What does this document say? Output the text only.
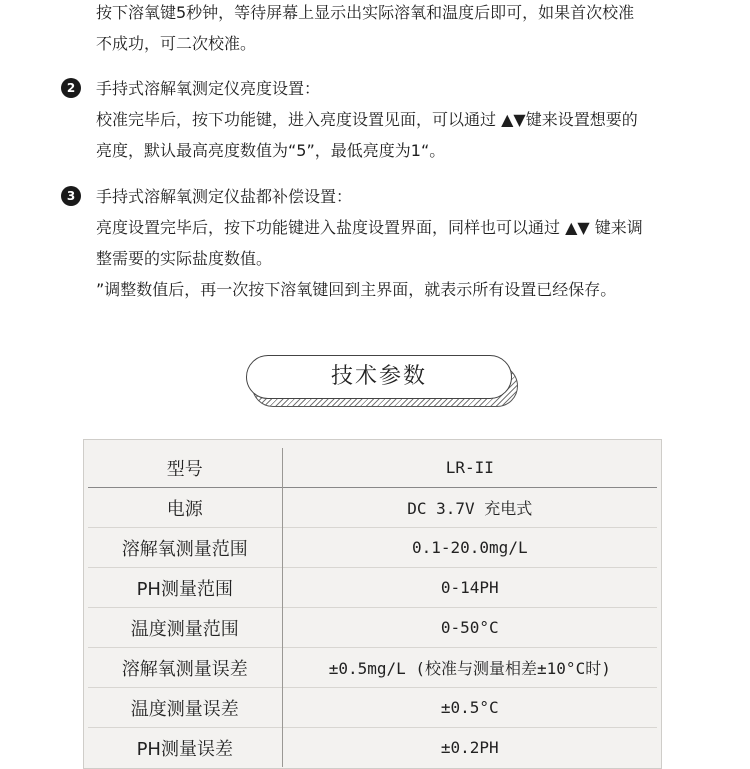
按下溶氧键5秒钟，等待屏幕上显示出实际溶氧和温度后即可，如果首次校准
不成功，可二次校准。
2	手持式溶解氧测定仪亮度设置：
校准完毕后，按下功能键，进入亮度设置见面，可以通过 ▲▼键来设置想要的
亮度，默认最高亮度数值为“5”，最低亮度为1“。
3	手持式溶解氧测定仪盐都补偿设置：
亮度设置完毕后，按下功能键进入盐度设置界面，同样也可以通过 ▲▼ 键来调
整需要的实际盐度数值。
”调整数值后，再一次按下溶氧键回到主界面，就表示所有设置已经保存。
技术参数
型号	LR-II
电源	DC 3.7V 充电式
溶解氧测量范围	0.1-20.0mg/L
PH测量范围	0-14PH
温度测量范围	0-50°C
溶解氧测量误差	±0.5mg/L (校准与测量相差±10°C时)
温度测量误差	±0.5°C
PH测量误差	±0.2PH
